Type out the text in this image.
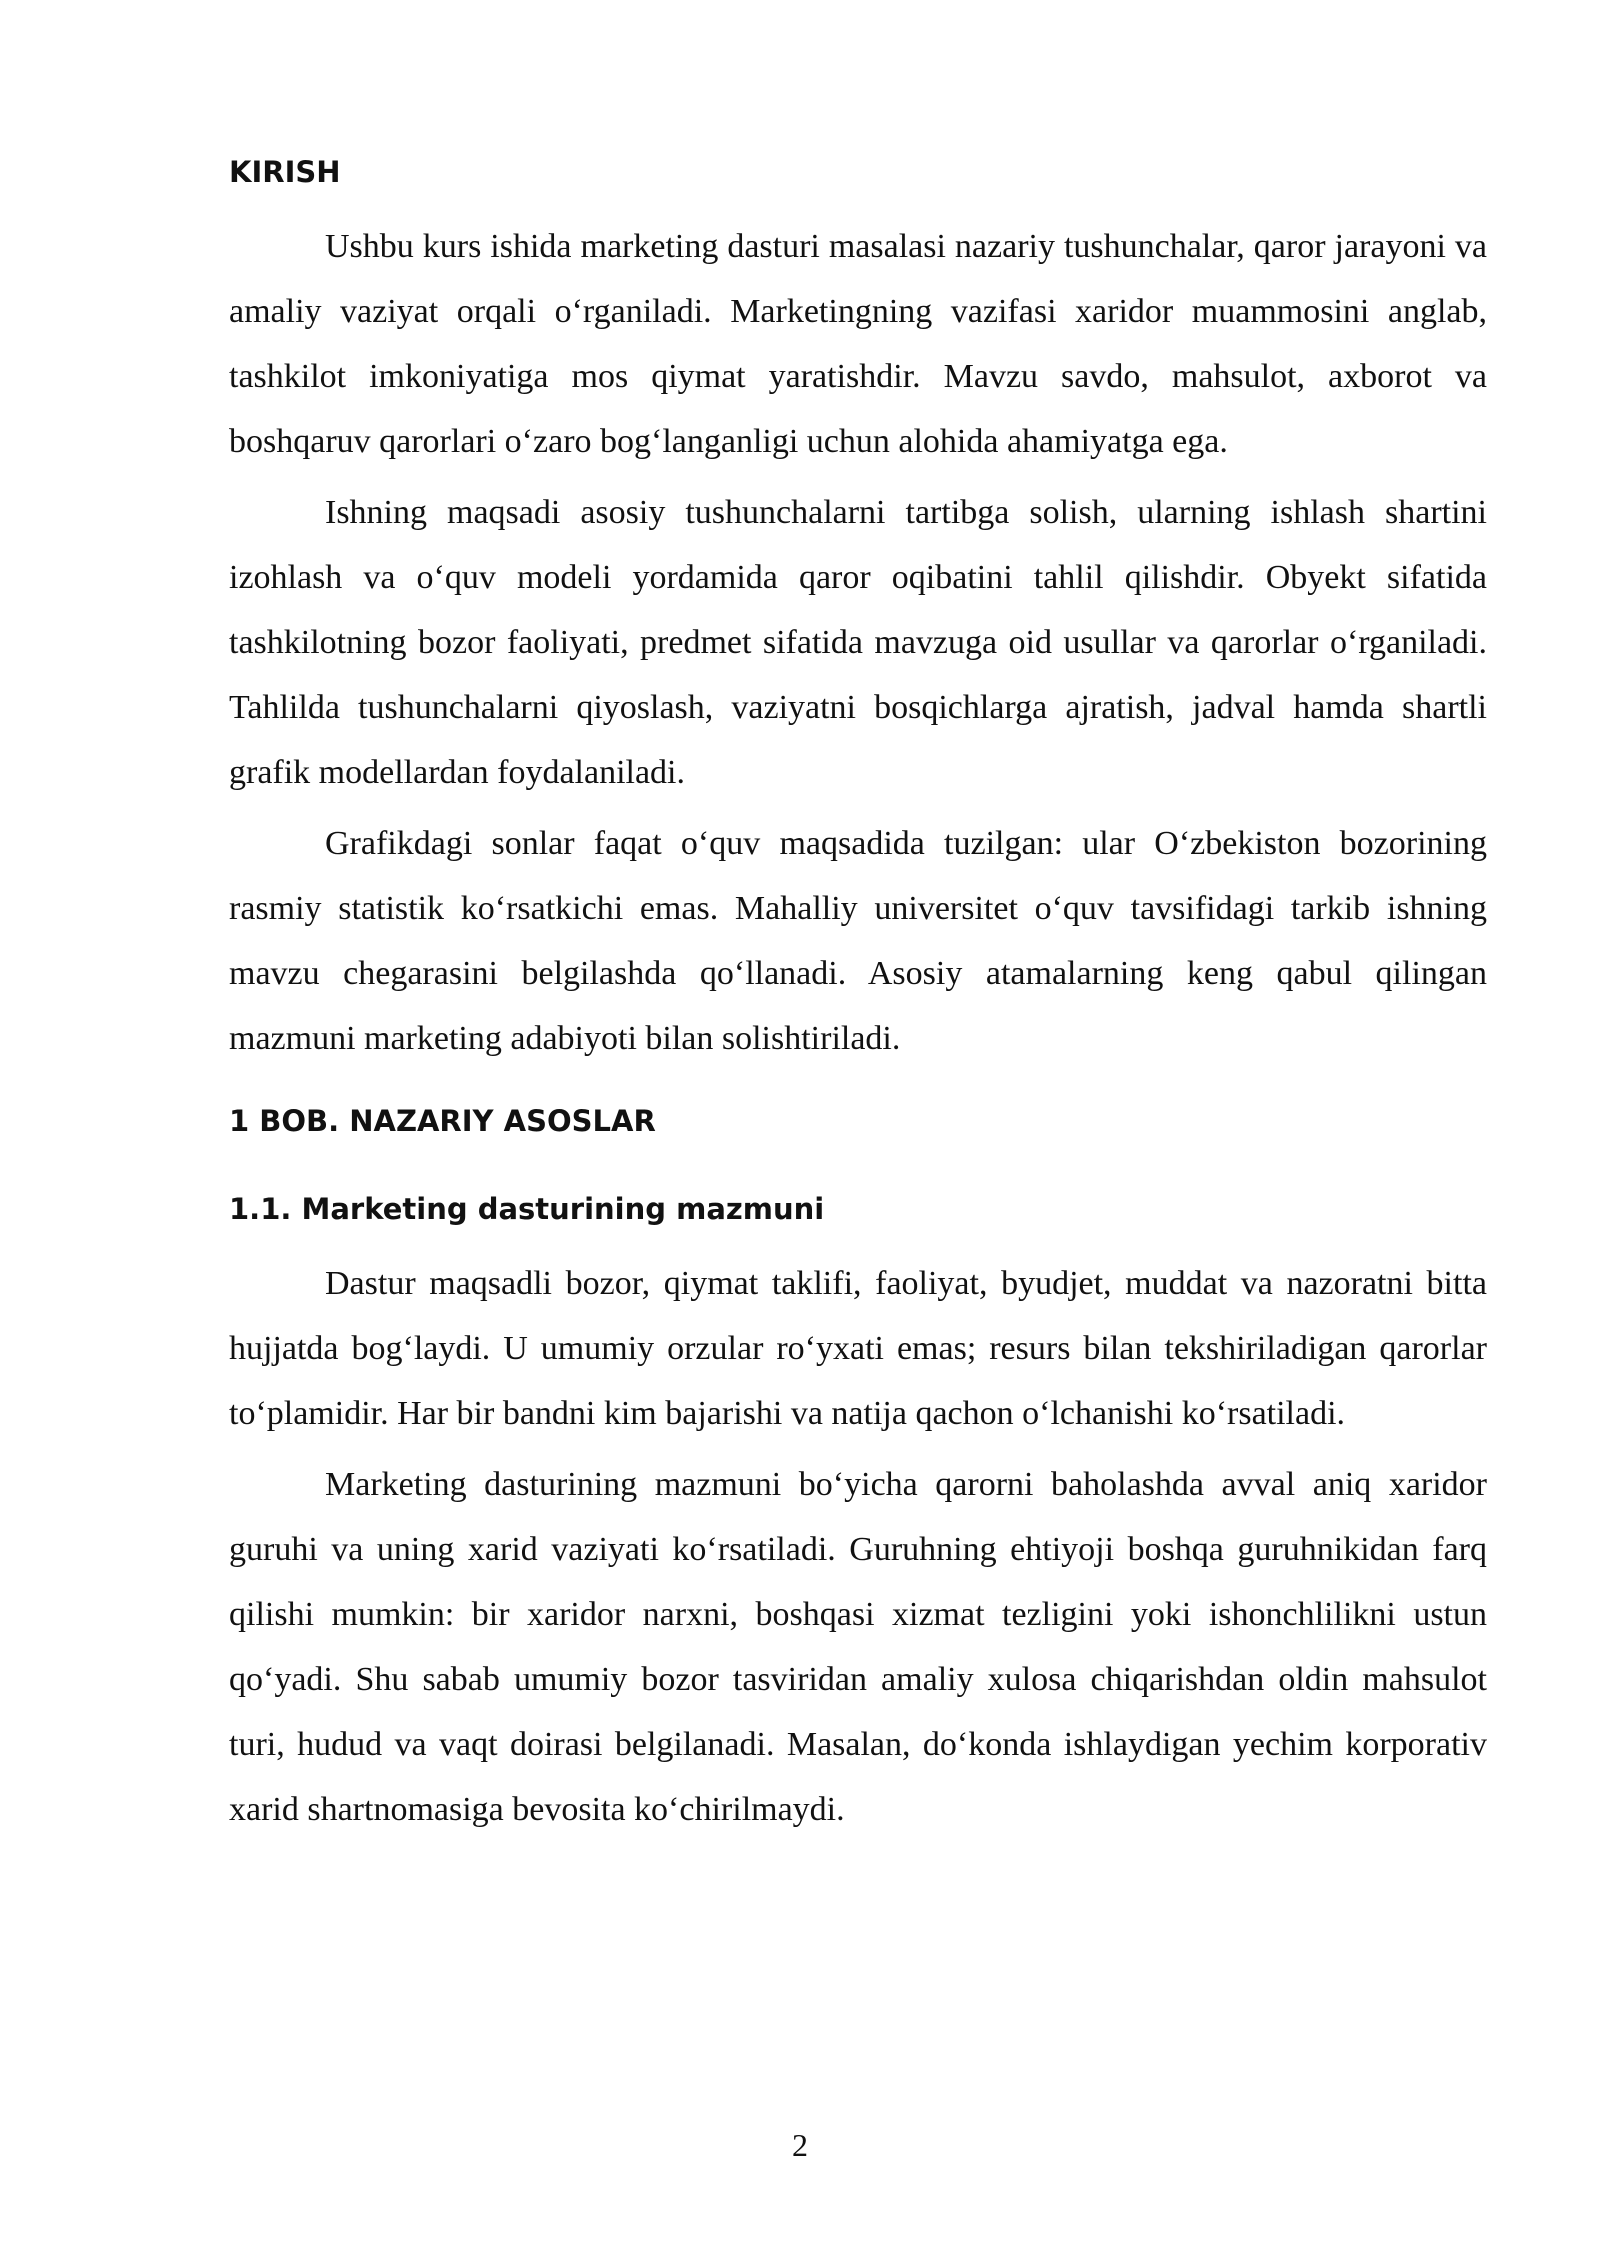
KIRISH

Ushbu kurs ishida marketing dasturi masalasi nazariy tushunchalar, qaror jarayoni va amaliy vaziyat orqali o‘rganiladi. Marketingning vazifasi xaridor muammosini anglab, tashkilot imkoniyatiga mos qiymat yaratishdir. Mavzu savdo, mahsulot, axborot va boshqaruv qarorlari o‘zaro bog‘langanligi uchun alohida ahamiyatga ega.

Ishning maqsadi asosiy tushunchalarni tartibga solish, ularning ishlash shartini izohlash va o‘quv modeli yordamida qaror oqibatini tahlil qilishdir. Obyekt sifatida tashkilotning bozor faoliyati, predmet sifatida mavzuga oid usullar va qarorlar o‘rganiladi. Tahlilda tushunchalarni qiyoslash, vaziyatni bosqichlarga ajratish, jadval hamda shartli grafik modellardan foydalaniladi.

Grafikdagi sonlar faqat o‘quv maqsadida tuzilgan: ular O‘zbekiston bozorining rasmiy statistik ko‘rsatkichi emas. Mahalliy universitet o‘quv tavsifidagi tarkib ishning mavzu chegarasini belgilashda qo‘llanadi. Asosiy atamalarning keng qabul qilingan mazmuni marketing adabiyoti bilan solishtiriladi.

1 BOB. NAZARIY ASOSLAR
1.1. Marketing dasturining mazmuni

Dastur maqsadli bozor, qiymat taklifi, faoliyat, byudjet, muddat va nazoratni bitta hujjatda bog‘laydi. U umumiy orzular ro‘yxati emas; resurs bilan tekshiriladigan qarorlar to‘plamidir. Har bir bandni kim bajarishi va natija qachon o‘lchanishi ko‘rsatiladi.

Marketing dasturining mazmuni bo‘yicha qarorni baholashda avval aniq xaridor guruhi va uning xarid vaziyati ko‘rsatiladi. Guruhning ehtiyoji boshqa guruhnikidan farq qilishi mumkin: bir xaridor narxni, boshqasi xizmat tezligini yoki ishonchlilikni ustun qo‘yadi. Shu sabab umumiy bozor tasviridan amaliy xulosa chiqarishdan oldin mahsulot turi, hudud va vaqt doirasi belgilanadi. Masalan, do‘konda ishlaydigan yechim korporativ xarid shartnomasiga bevosita ko‘chirilmaydi.

2
